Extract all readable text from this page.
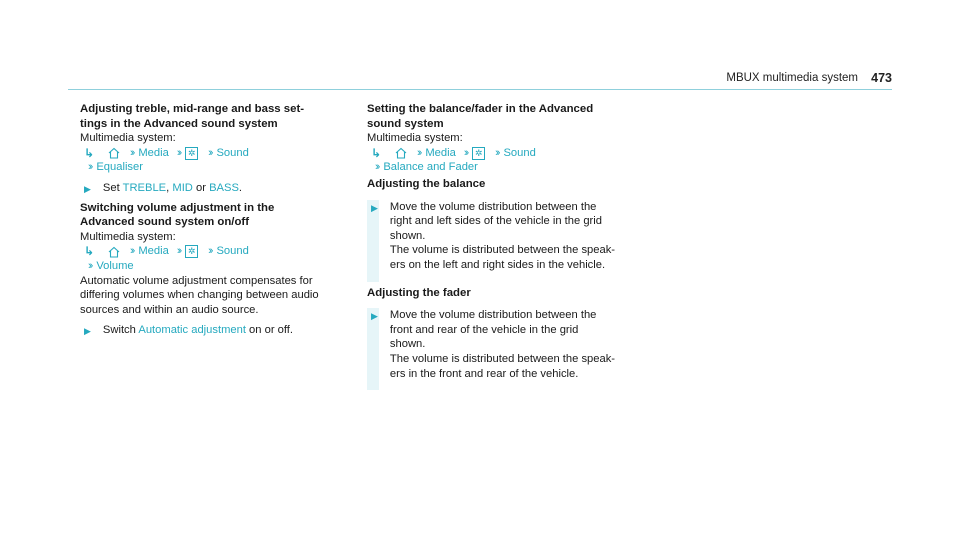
MBUX multimedia system 473
Adjusting treble, mid-range and bass set-
tings in the Advanced sound system
Multimedia system:
↳	›› Media ›› ✲ ›› Sound
›› Equaliser
▶ Set TREBLE, MID or BASS.
Switching volume adjustment in the
Advanced sound system on/off
Multimedia system:
↳	›› Media ›› ✲ ›› Sound
›› Volume
Automatic volume adjustment compensates for
differing volumes when changing between audio
sources and within an audio source.
▶ Switch Automatic adjustment on or off.
Setting the balance/fader in the Advanced
sound system
Multimedia system:
↳	›› Media ›› ✲ ›› Sound
›› Balance and Fader
Adjusting the balance
▶ Move the volume distribution between the
right and left sides of the vehicle in the grid
shown.
The volume is distributed between the speak-
ers on the left and right sides in the vehicle.
Adjusting the fader
▶ Move the volume distribution between the
front and rear of the vehicle in the grid
shown.
The volume is distributed between the speak-
ers in the front and rear of the vehicle.
